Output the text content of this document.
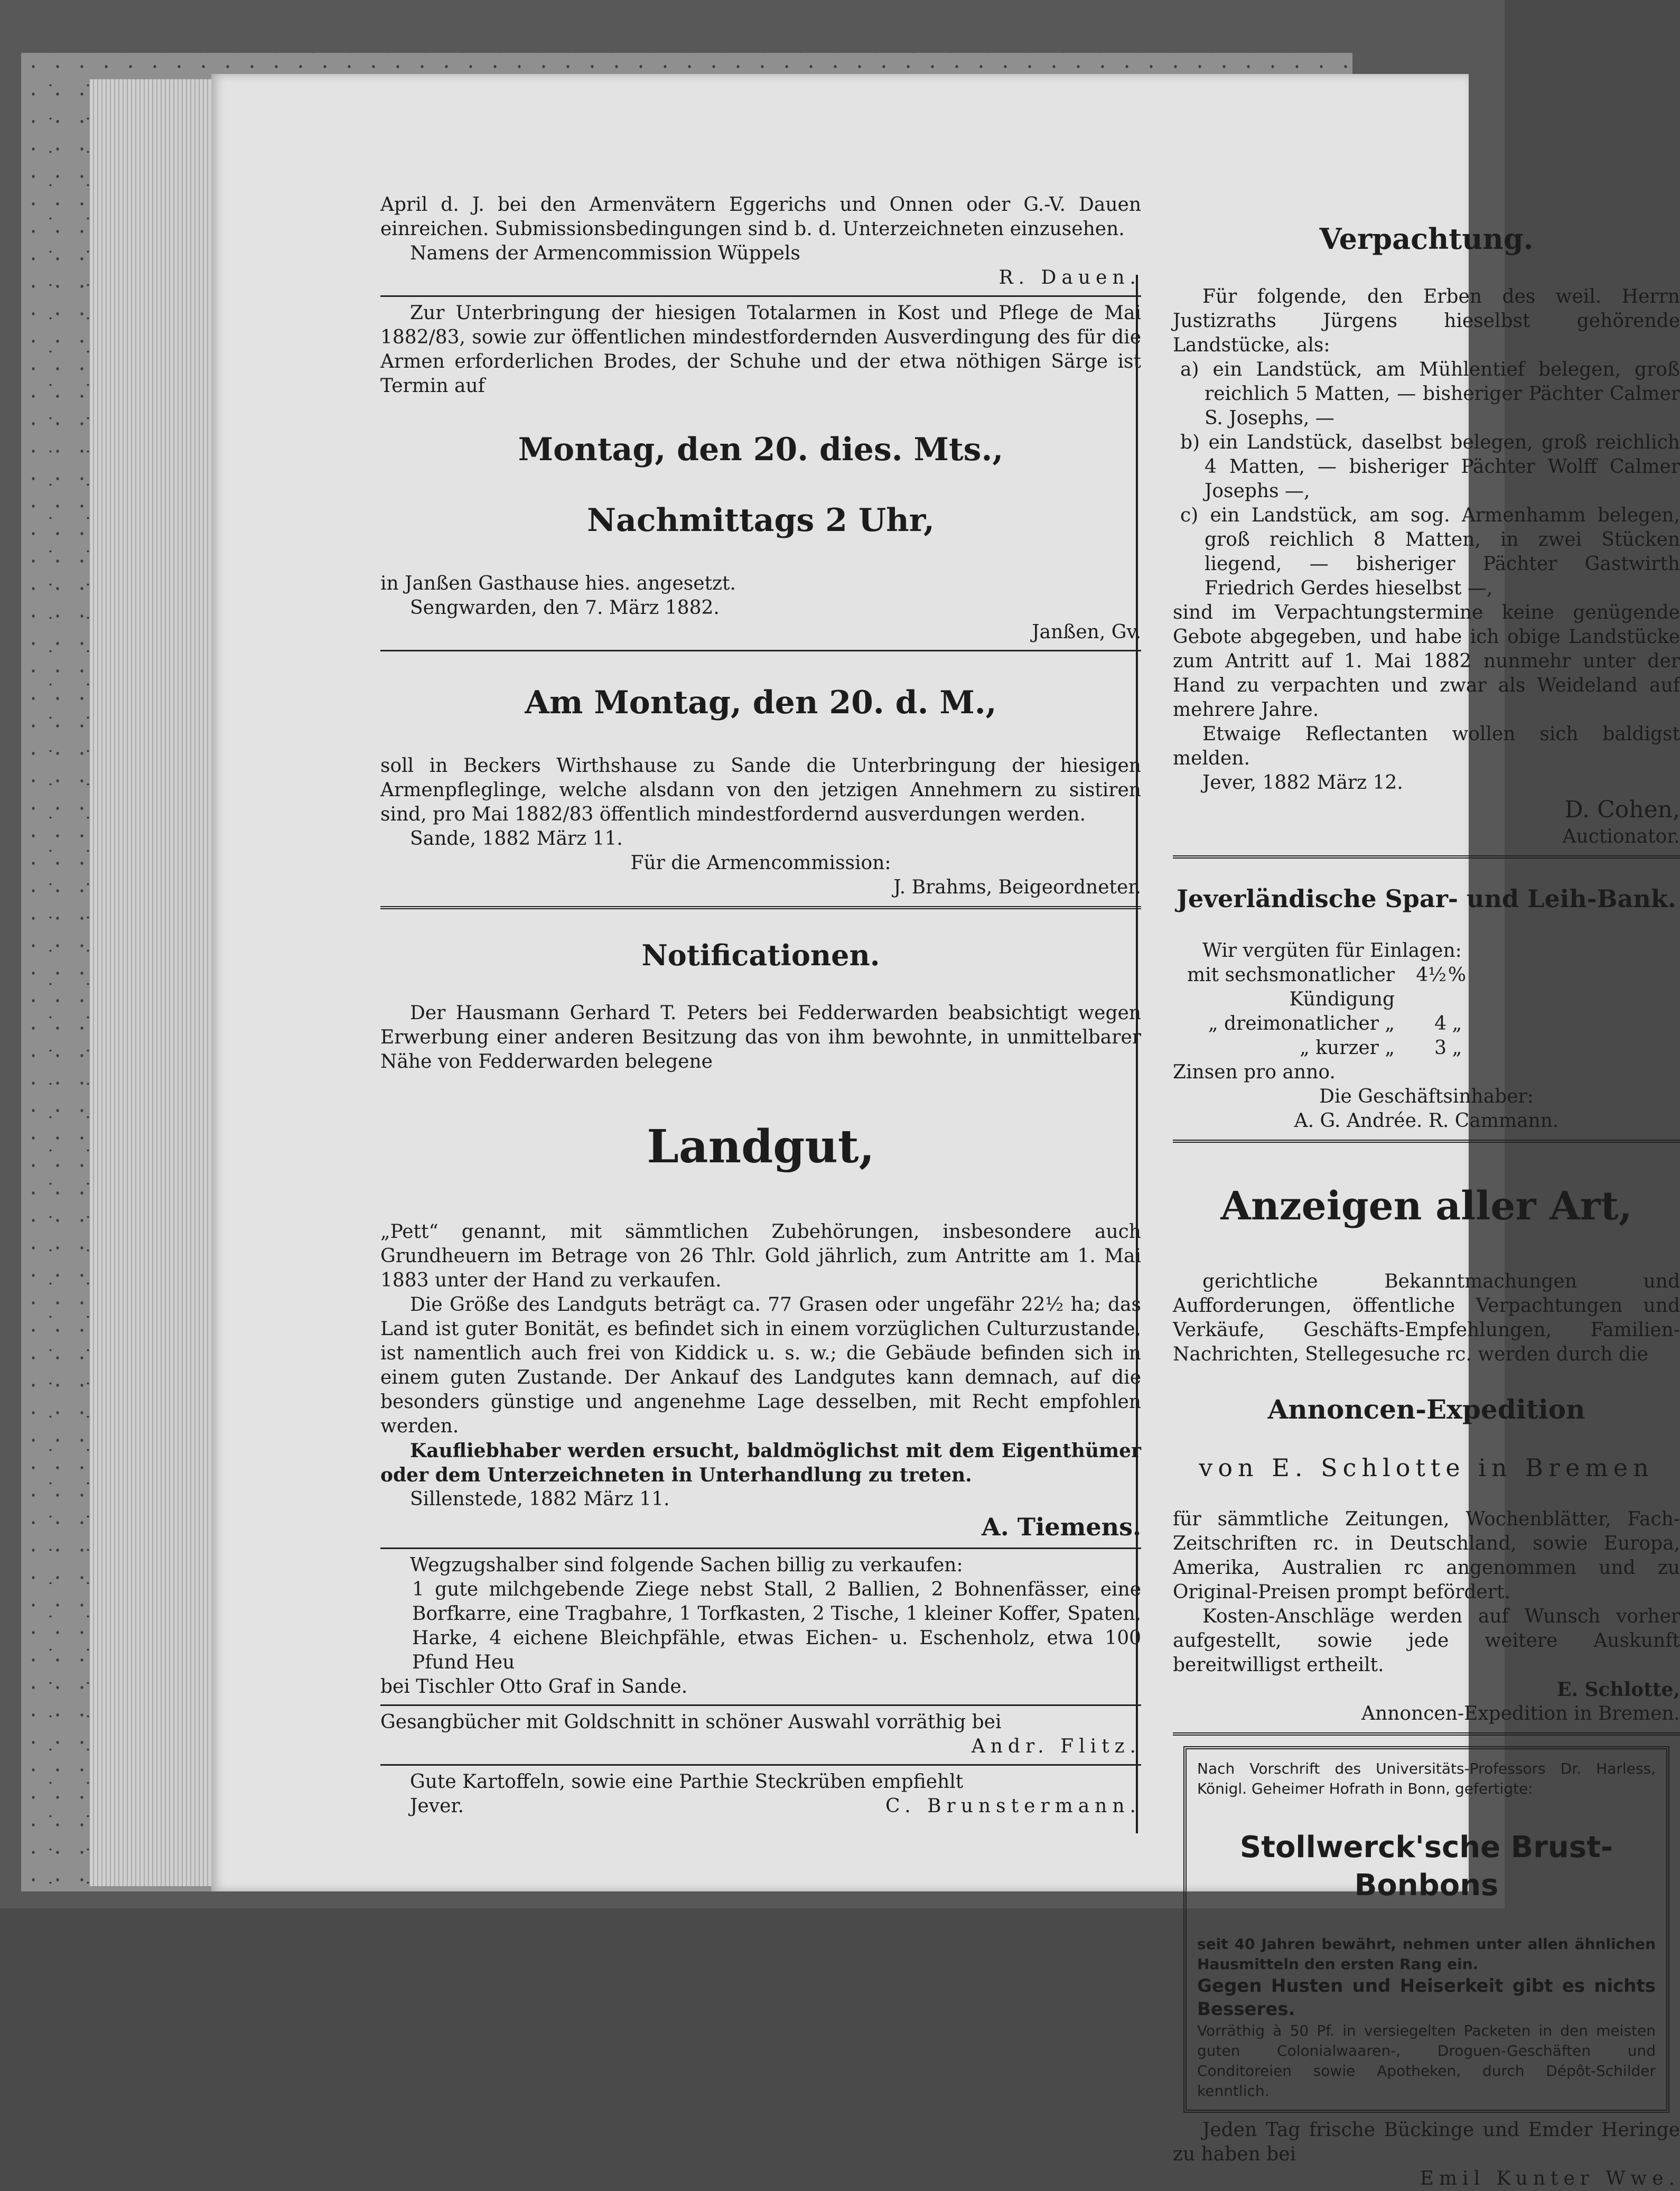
April d. J. bei den Armenvätern Eggerichs und Onnen oder G.-V. Dauen einreichen. Submissionsbedingungen sind b. d. Unterzeichneten einzusehen.

Namens der Armencommission Wüppels

R. Dauen.

Zur Unterbringung der hiesigen Totalarmen in Kost und Pflege de Mai 1882/83, sowie zur öffentlichen mindestfordernden Ausverdingung des für die Armen erforderlichen Brodes, der Schuhe und der etwa nöthigen Särge ist Termin auf

Montag, den 20. dies. Mts.,

Nachmittags 2 Uhr,

in Janßen Gasthause hies. angesetzt.

Sengwarden, den 7. März 1882.

Janßen, Gv.

Am Montag, den 20. d. M.,

soll in Beckers Wirthshause zu Sande die Unterbringung der hiesigen Armenpfleglinge, welche alsdann von den jetzigen Annehmern zu sistiren sind, pro Mai 1882/83 öffentlich mindestfordernd ausverdungen werden.

Sande, 1882 März 11.

Für die Armencommission:

J. Brahms, Beigeordneter.

Notificationen.

Der Hausmann Gerhard T. Peters bei Fedderwarden beabsichtigt wegen Erwerbung einer anderen Besitzung das von ihm bewohnte, in unmittelbarer Nähe von Fedderwarden belegene

Landgut,

„Pett“ genannt, mit sämmtlichen Zubehörungen, insbesondere auch Grundheuern im Betrage von 26 Thlr. Gold jährlich, zum Antritte am 1. Mai 1883 unter der Hand zu verkaufen.

Die Größe des Landguts beträgt ca. 77 Grasen oder ungefähr 22½ ha; das Land ist guter Bonität, es befindet sich in einem vorzüglichen Culturzustande, ist namentlich auch frei von Kiddick u. s. w.; die Gebäude befinden sich in einem guten Zustande. Der Ankauf des Landgutes kann demnach, auf die besonders günstige und angenehme Lage desselben, mit Recht empfohlen werden.

Kaufliebhaber werden ersucht, baldmöglichst mit dem Eigenthümer oder dem Unterzeichneten in Unterhandlung zu treten.

Sillenstede, 1882 März 11.

A. Tiemens.

Wegzugshalber sind folgende Sachen billig zu verkaufen:

1 gute milchgebende Ziege nebst Stall, 2 Ballien, 2 Bohnenfässer, eine Borfkarre, eine Tragbahre, 1 Torfkasten, 2 Tische, 1 kleiner Koffer, Spaten, Harke, 4 eichene Bleichpfähle, etwas Eichen- u. Eschenholz, etwa 100 Pfund Heu

bei Tischler Otto Graf in Sande.

Gesangbücher mit Goldschnitt in schöner Auswahl vorräthig bei

Andr. Flitz.

Gute Kartoffeln, sowie eine Parthie Steckrüben empfiehlt

Jever.	C. Brunstermann.

Verpachtung.

Für folgende, den Erben des weil. Herrn Justizraths Jürgens hieselbst gehörende Landstücke, als:

a) ein Landstück, am Mühlentief belegen, groß reichlich 5 Matten, — bisheriger Pächter Calmer S. Josephs, —

b) ein Landstück, daselbst belegen, groß reichlich 4 Matten, — bisheriger Pächter Wolff Calmer Josephs —,

c) ein Landstück, am sog. Armenhamm belegen, groß reichlich 8 Matten, in zwei Stücken liegend, — bisheriger Pächter Gastwirth Friedrich Gerdes hieselbst —,

sind im Verpachtungstermine keine genügende Gebote abgegeben, und habe ich obige Landstücke zum Antritt auf 1. Mai 1882 nunmehr unter der Hand zu verpachten und zwar als Weideland auf mehrere Jahre.

Etwaige Reflectanten wollen sich baldigst melden.

Jever, 1882 März 12.

D. Cohen,

Auctionator.

Jeverländische Spar- und Leih-Bank.

Wir vergüten für Einlagen:

mit sechsmonatlicher Kündigung
4½ %
„ dreimonatlicher „	4 „
„ kurzer „	3 „

Zinsen pro anno.

Die Geschäftsinhaber:

A. G. Andrée. R. Cammann.

Anzeigen aller Art,

gerichtliche Bekanntmachungen und Aufforderungen, öffentliche Verpachtungen und Verkäufe, Geschäfts-Empfehlungen, Familien-Nachrichten, Stellegesuche rc. werden durch die

Annoncen-Expedition

von E. Schlotte in Bremen

für sämmtliche Zeitungen, Wochenblätter, Fach-Zeitschriften rc. in Deutschland, sowie Europa, Amerika, Australien rc angenommen und zu Original-Preisen prompt befördert.

Kosten-Anschläge werden auf Wunsch vorher aufgestellt, sowie jede weitere Auskunft bereitwilligst ertheilt.

E. Schlotte,

Annoncen-Expedition in Bremen.

Nach Vorschrift des Universitäts-Professors Dr. Harless, Königl. Geheimer Hofrath in Bonn, gefertigte:

Stollwerck'sche Brust-Bonbons

seit 40 Jahren bewährt, nehmen unter allen ähnlichen Hausmitteln den ersten Rang ein.

Gegen Husten und Heiserkeit gibt es nichts Besseres.

Vorräthig à 50 Pf. in versiegelten Packeten in den meisten guten Colonialwaaren-, Droguen-Geschäften und Conditoreien sowie Apotheken, durch Dépôt-Schilder kenntlich.

Jeden Tag frische Bückinge und Emder Heringe zu haben bei

Emil Kunter Wwe.
